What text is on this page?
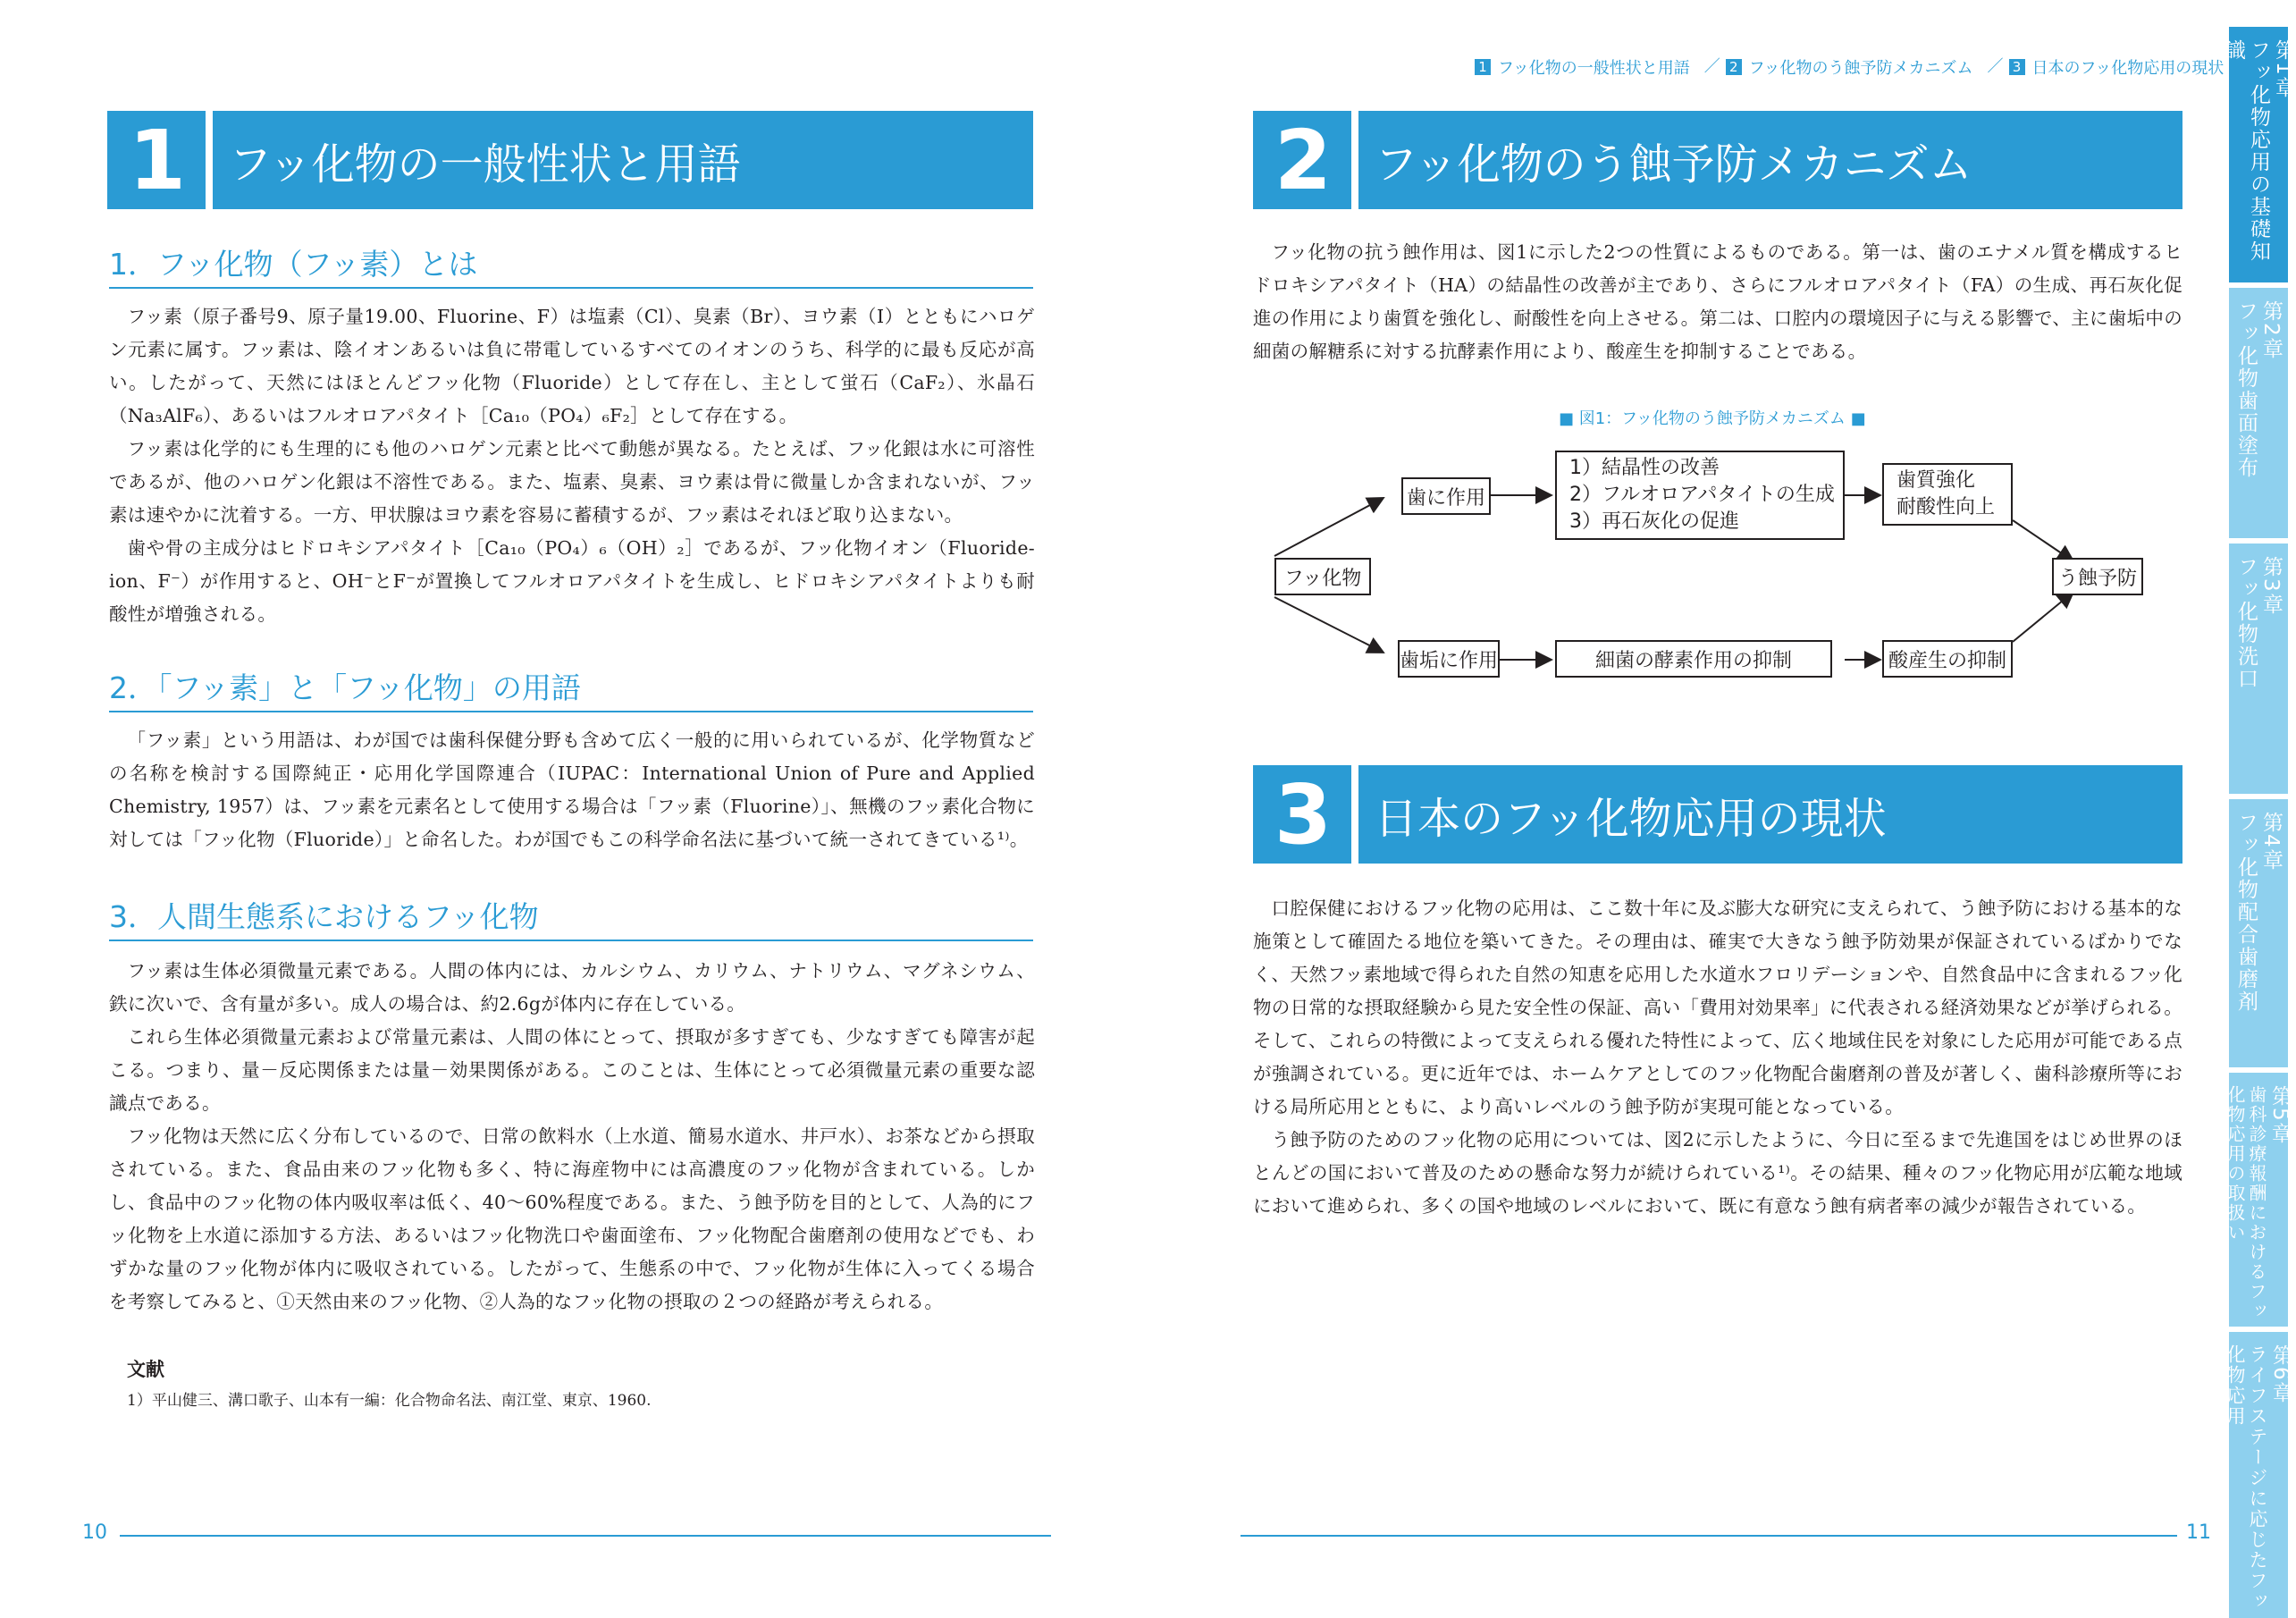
1 フッ化物の一般性状と用語 ／ 2 フッ化物のう蝕予防メカニズム ／ 3 日本のフッ化物応用の現状
1	フッ化物の一般性状と用語
1．フッ化物（フッ素）とは

フッ素（原子番号9、原子量19.00、Fluorine、F）は塩素（Cl）、臭素（Br）、ヨウ素（I）とともにハロゲン元素に属す。フッ素は、陰イオンあるいは負に帯電しているすべてのイオンのうち、科学的に最も反応が高い。したがって、天然にはほとんどフッ化物（Fluoride）として存在し、主として蛍石（CaF₂）、氷晶石（Na₃AlF₆）、あるいはフルオロアパタイト［Ca₁₀（PO₄）₆F₂］として存在する。

フッ素は化学的にも生理的にも他のハロゲン元素と比べて動態が異なる。たとえば、フッ化銀は水に可溶性であるが、他のハロゲン化銀は不溶性である。また、塩素、臭素、ヨウ素は骨に微量しか含まれないが、フッ素は速やかに沈着する。一方、甲状腺はヨウ素を容易に蓄積するが、フッ素はそれほど取り込まない。

歯や骨の主成分はヒドロキシアパタイト［Ca₁₀（PO₄）₆（OH）₂］であるが、フッ化物イオン（Fluoride-ion、F⁻）が作用すると、OH⁻とF⁻が置換してフルオロアパタイトを生成し、ヒドロキシアパタイトよりも耐酸性が増強される。

2．「フッ素」と「フッ化物」の用語

「フッ素」という用語は、わが国では歯科保健分野も含めて広く一般的に用いられているが、化学物質などの名称を検討する国際純正・応用化学国際連合（IUPAC：International Union of Pure and Applied Chemistry, 1957）は、フッ素を元素名として使用する場合は「フッ素（Fluorine）」、無機のフッ素化合物に対しては「フッ化物（Fluoride）」と命名した。わが国でもこの科学命名法に基づいて統一されてきている¹⁾。

3．人間生態系におけるフッ化物

フッ素は生体必須微量元素である。人間の体内には、カルシウム、カリウム、ナトリウム、マグネシウム、鉄に次いで、含有量が多い。成人の場合は、約2.6gが体内に存在している。

これら生体必須微量元素および常量元素は、人間の体にとって、摂取が多すぎても、少なすぎても障害が起こる。つまり、量－反応関係または量－効果関係がある。このことは、生体にとって必須微量元素の重要な認識点である。

フッ化物は天然に広く分布しているので、日常の飲料水（上水道、簡易水道水、井戸水）、お茶などから摂取されている。また、食品由来のフッ化物も多く、特に海産物中には高濃度のフッ化物が含まれている。しかし、食品中のフッ化物の体内吸収率は低く、40〜60%程度である。また、う蝕予防を目的として、人為的にフッ化物を上水道に添加する方法、あるいはフッ化物洗口や歯面塗布、フッ化物配合歯磨剤の使用などでも、わずかな量のフッ化物が体内に吸収されている。したがって、生態系の中で、フッ化物が生体に入ってくる場合を考察してみると、①天然由来のフッ化物、②人為的なフッ化物の摂取の２つの経路が考えられる。

文献
1）平山健三、溝口歌子、山本有一編：化合物命名法、南江堂、東京、1960.
10
2	フッ化物のう蝕予防メカニズム

フッ化物の抗う蝕作用は、図1に示した2つの性質によるものである。第一は、歯のエナメル質を構成するヒドロキシアパタイト（HA）の結晶性の改善が主であり、さらにフルオロアパタイト（FA）の生成、再石灰化促進の作用により歯質を強化し、耐酸性を向上させる。第二は、口腔内の環境因子に与える影響で、主に歯垢中の細菌の解糖系に対する抗酵素作用により、酸産生を抑制することである。

■ 図1：フッ化物のう蝕予防メカニズム ■
フッ化物
歯に作用
1）結晶性の改善
2）フルオロアパタイトの生成
3）再石灰化の促進
歯質強化
耐酸性向上
う蝕予防
歯垢に作用	細菌の酵素作用の抑制	酸産生の抑制
3	日本のフッ化物応用の現状

口腔保健におけるフッ化物の応用は、ここ数十年に及ぶ膨大な研究に支えられて、う蝕予防における基本的な施策として確固たる地位を築いてきた。その理由は、確実で大きなう蝕予防効果が保証されているばかりでなく、天然フッ素地域で得られた自然の知恵を応用した水道水フロリデーションや、自然食品中に含まれるフッ化物の日常的な摂取経験から見た安全性の保証、高い「費用対効果率」に代表される経済効果などが挙げられる。そして、これらの特徴によって支えられる優れた特性によって、広く地域住民を対象にした応用が可能である点が強調されている。更に近年では、ホームケアとしてのフッ化物配合歯磨剤の普及が著しく、歯科診療所等における局所応用とともに、より高いレベルのう蝕予防が実現可能となっている。

う蝕予防のためのフッ化物の応用については、図2に示したように、今日に至るまで先進国をはじめ世界のほとんどの国において普及のための懸命な努力が続けられている¹⁾。その結果、種々のフッ化物応用が広範な地域において進められ、多くの国や地域のレベルにおいて、既に有意なう蝕有病者率の減少が報告されている。

11
第1章
フッ化物応用の基礎知識
第2章
フッ化物歯面塗布
第3章
フッ化物洗口
第4章
フッ化物配合歯磨剤
第5章
歯科診療報酬におけるフッ化物応用の取扱い
第6章
ライフステージに応じたフッ化物応用
